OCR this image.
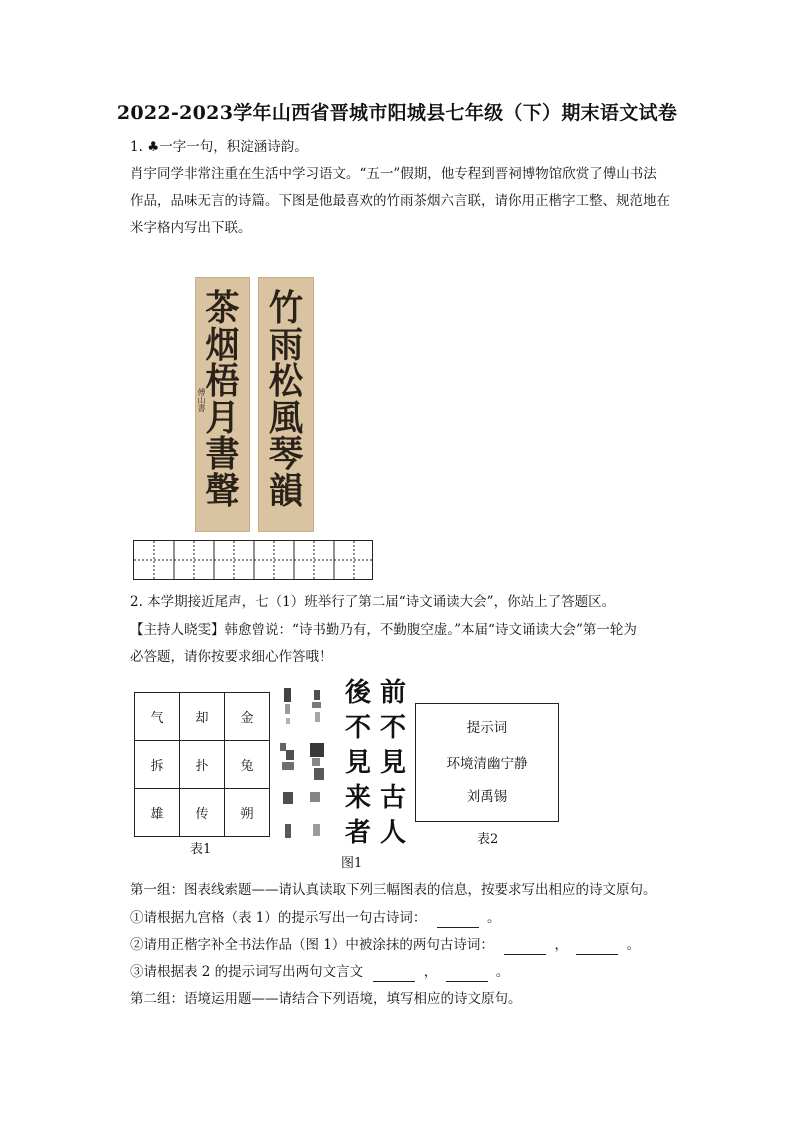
2022-2023学年山西省晋城市阳城县七年级（下）期末语文试卷
1. ♣一字一句，积淀涵诗韵。
肖宇同学非常注重在生活中学习语文。“五一”假期，他专程到晋祠博物馆欣赏了傅山书法
作品，品味无言的诗篇。下图是他最喜欢的竹雨茶烟六言联，请你用正楷字工整、规范地在
米字格内写出下联。
茶
烟
梧
月
書
聲
傅山書
竹
雨
松
風
琴
韻
2. 本学期接近尾声，七（1）班举行了第二届“诗文诵读大会”，你站上了答题区。
【主持人晓雯】韩愈曾说：“诗书勤乃有，不勤腹空虚。”本届“诗文诵读大会”第一轮为
必答题，请你按要求细心作答哦！
气	却	金
拆	扑	兔
雄	传	朔
表1
後
不
見
来
者
前
不
見
古
人
图1
提示词
环境清幽宁静
刘禹锡
表2
第一组：图表线索题——请认真读取下列三幅图表的信息，按要求写出相应的诗文原句。
①请根据九宫格（表 1）的提示写出一句古诗词：	。
②请用正楷字补全书法作品（图 1）中被涂抹的两句古诗词：	，	。
③请根据表 2 的提示词写出两句文言文	，	。
第二组：语境运用题——请结合下列语境，填写相应的诗文原句。
